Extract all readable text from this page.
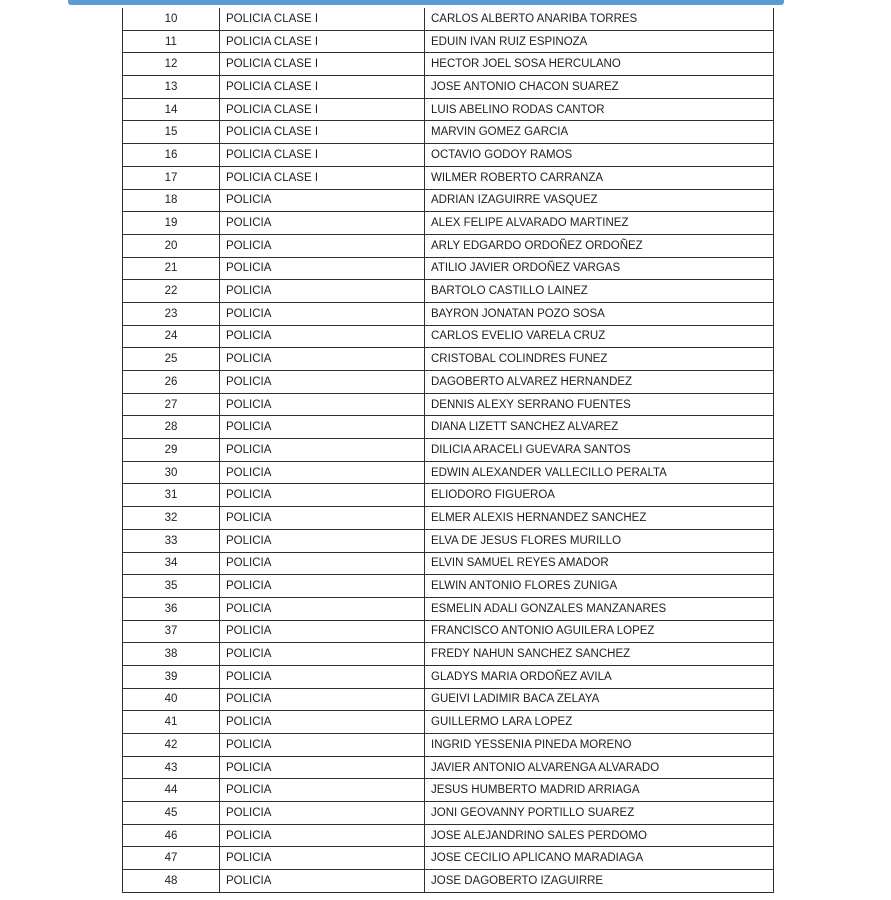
10	POLICIA CLASE I	CARLOS ALBERTO ANARIBA TORRES
11	POLICIA CLASE I	EDUIN IVAN RUIZ ESPINOZA
12	POLICIA CLASE I	HECTOR JOEL SOSA HERCULANO
13	POLICIA CLASE I	JOSE ANTONIO CHACON SUAREZ
14	POLICIA CLASE I	LUIS ABELINO RODAS CANTOR
15	POLICIA CLASE I	MARVIN GOMEZ GARCIA
16	POLICIA CLASE I	OCTAVIO GODOY RAMOS
17	POLICIA CLASE I	WILMER ROBERTO CARRANZA
18	POLICIA	ADRIAN IZAGUIRRE VASQUEZ
19	POLICIA	ALEX FELIPE ALVARADO MARTINEZ
20	POLICIA	ARLY EDGARDO ORDOÑEZ ORDOÑEZ
21	POLICIA	ATILIO JAVIER ORDOÑEZ VARGAS
22	POLICIA	BARTOLO CASTILLO LAINEZ
23	POLICIA	BAYRON JONATAN POZO SOSA
24	POLICIA	CARLOS EVELIO VARELA CRUZ
25	POLICIA	CRISTOBAL COLINDRES FUNEZ
26	POLICIA	DAGOBERTO ALVAREZ HERNANDEZ
27	POLICIA	DENNIS ALEXY SERRANO FUENTES
28	POLICIA	DIANA LIZETT SANCHEZ ALVAREZ
29	POLICIA	DILICIA ARACELI GUEVARA SANTOS
30	POLICIA	EDWIN ALEXANDER VALLECILLO PERALTA
31	POLICIA	ELIODORO FIGUEROA
32	POLICIA	ELMER ALEXIS HERNANDEZ SANCHEZ
33	POLICIA	ELVA DE JESUS FLORES MURILLO
34	POLICIA	ELVIN SAMUEL REYES AMADOR
35	POLICIA	ELWIN ANTONIO FLORES ZUNIGA
36	POLICIA	ESMELIN ADALI GONZALES MANZANARES
37	POLICIA	FRANCISCO ANTONIO AGUILERA LOPEZ
38	POLICIA	FREDY NAHUN SANCHEZ SANCHEZ
39	POLICIA	GLADYS MARIA ORDOÑEZ AVILA
40	POLICIA	GUEIVI LADIMIR BACA ZELAYA
41	POLICIA	GUILLERMO LARA LOPEZ
42	POLICIA	INGRID YESSENIA PINEDA MORENO
43	POLICIA	JAVIER ANTONIO ALVARENGA ALVARADO
44	POLICIA	JESUS HUMBERTO MADRID ARRIAGA
45	POLICIA	JONI GEOVANNY PORTILLO SUAREZ
46	POLICIA	JOSE ALEJANDRINO SALES PERDOMO
47	POLICIA	JOSE CECILIO APLICANO MARADIAGA
48	POLICIA	JOSE DAGOBERTO IZAGUIRRE
